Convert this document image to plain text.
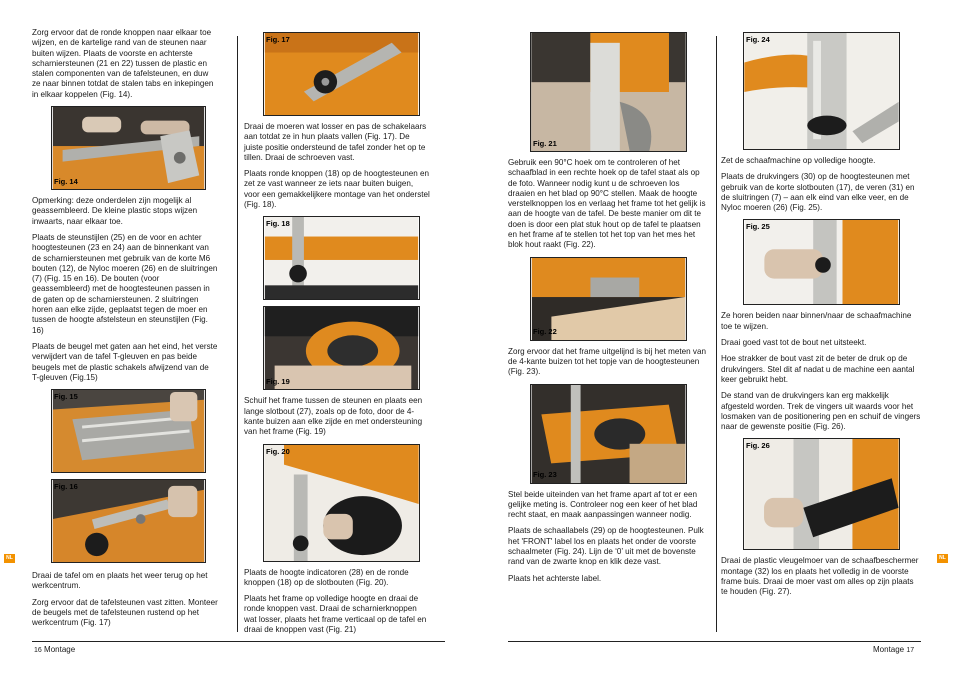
NL	NL

Zorg ervoor dat de ronde knoppen naar elkaar toe wijzen, en de kartelige rand van de steunen naar buiten wijzen. Plaats de voorste en achterste scharniersteunen (21 en 22) tussen de plastic en stalen componenten van de tafelsteunen, en duw ze naar binnen totdat de stalen tabs en inkepingen in elkaar koppelen (Fig. 14).

Fig. 14

Opmerking: deze onderdelen zijn mogelijk al geassembleerd. De kleine plastic stops wijzen inwaarts, naar elkaar toe.

Plaats de steunstijlen (25) en de voor en achter hoogtesteunen (23 en 24) aan de binnenkant van de scharniersteunen met gebruik van de korte M6 bouten (12), de Nyloc moeren (26) en de sluitringen (7) (Fig. 15 en 16). De bouten (voor geassembleerd) met de hoogtesteunen passen in de gaten op de scharniersteunen. 2 sluitringen horen aan elke zijde, geplaatst tegen de moer en tussen de hoogte afstelsteun en steunstijlen (Fig. 16)

Plaats de beugel met gaten aan het eind, het verste verwijdert van de tafel T-gleuven en pas beide beugels met de plastic schakels afwijzend van de T-gleuven (Fig.15)

Fig. 15
Fig. 16

Draai de tafel om en plaats het weer terug op het werkcentrum.

Zorg ervoor dat de tafelsteunen vast zitten. Monteer de beugels met de tafelsteunen rustend op het werkcentrum (Fig. 17)

Fig. 17

Draai de moeren wat losser en pas de schakelaars aan totdat ze in hun plaats vallen (Fig. 17). De juiste positie ondersteund de tafel zonder het op te tillen. Draai de schroeven vast.

Plaats ronde knoppen (18) op de hoogtesteunen en zet ze vast wanneer ze iets naar buiten buigen, voor een gemakkelijkere montage van het onderstel (Fig. 18).

Fig. 18
Fig. 19

Schuif het frame tussen de steunen en plaats een lange slotbout (27), zoals op de foto, door de 4-kante buizen aan elke zijde en met ondersteuning van het frame (Fig. 19)

Fig. 20

Plaats de hoogte indicatoren (28) en de ronde knoppen (18) op de slotbouten (Fig. 20).

Plaats het frame op volledige hoogte en draai de ronde knoppen vast. Draai de scharnierknoppen wat losser, plaats het frame verticaal op de tafel en draai de knoppen vast (Fig. 21)

Fig. 21

Gebruik een 90°C hoek om te controleren of het schaafblad in een rechte hoek op de tafel staat als op de foto. Wanneer nodig kunt u de schroeven los draaien en het blad op 90°C stellen. Maak de hoogte verstelknoppen los en verlaag het frame tot het gelijk is aan de hoogte van de tafel. De beste manier om dit te doen is door een plat stuk hout op de tafel te plaatsen en het frame af te stellen tot het top van het mes het blok hout raakt (Fig. 22).

Fig. 22

Zorg ervoor dat het frame uitgelijnd is bij het meten van de 4-kante buizen tot het topje van de hoogtesteunen (Fig. 23).

Fig. 23

Stel beide uiteinden van het frame apart af tot er een gelijke meting is. Controleer nog een keer of het blad recht staat, en maak aanpassingen wanneer nodig.

Plaats de schaallabels (29) op de hoogtesteunen. Pulk het 'FRONT' label los en plaats het onder de voorste schaalmeter (Fig. 24). Lijn de ‘0’ uit met de bovenste rand van de zwarte knop en klik deze vast.

Plaats het achterste label.

Fig. 24

Zet de schaafmachine op volledige hoogte.

Plaats de drukvingers (30) op de hoogtesteunen met gebruik van de korte slotbouten (17), de veren (31) en de sluitringen (7) – aan elk eind van elke veer, en de Nyloc moeren (26) (Fig. 25).

Fig. 25

Ze horen beiden naar binnen/naar de schaafmachine toe te wijzen.

Draai goed vast tot de bout net uitsteekt.

Hoe strakker de bout vast zit de beter de druk op de drukvingers. Stel dit af nadat u de machine een aantal keer gebruikt hebt.

De stand van de drukvingers kan erg makkelijk afgesteld worden. Trek de vingers uit waards voor het losmaken van de positionering pen en schuif de vingers naar de gewenste positie (Fig. 26).

Fig. 26

Draai de plastic vleugelmoer van de schaafbeschermer montage (32) los en plaats het volledig in de voorste frame buis. Draai de moer vast om alles op zijn plaats te houden (Fig. 27).

16 Montage	Montage 17
